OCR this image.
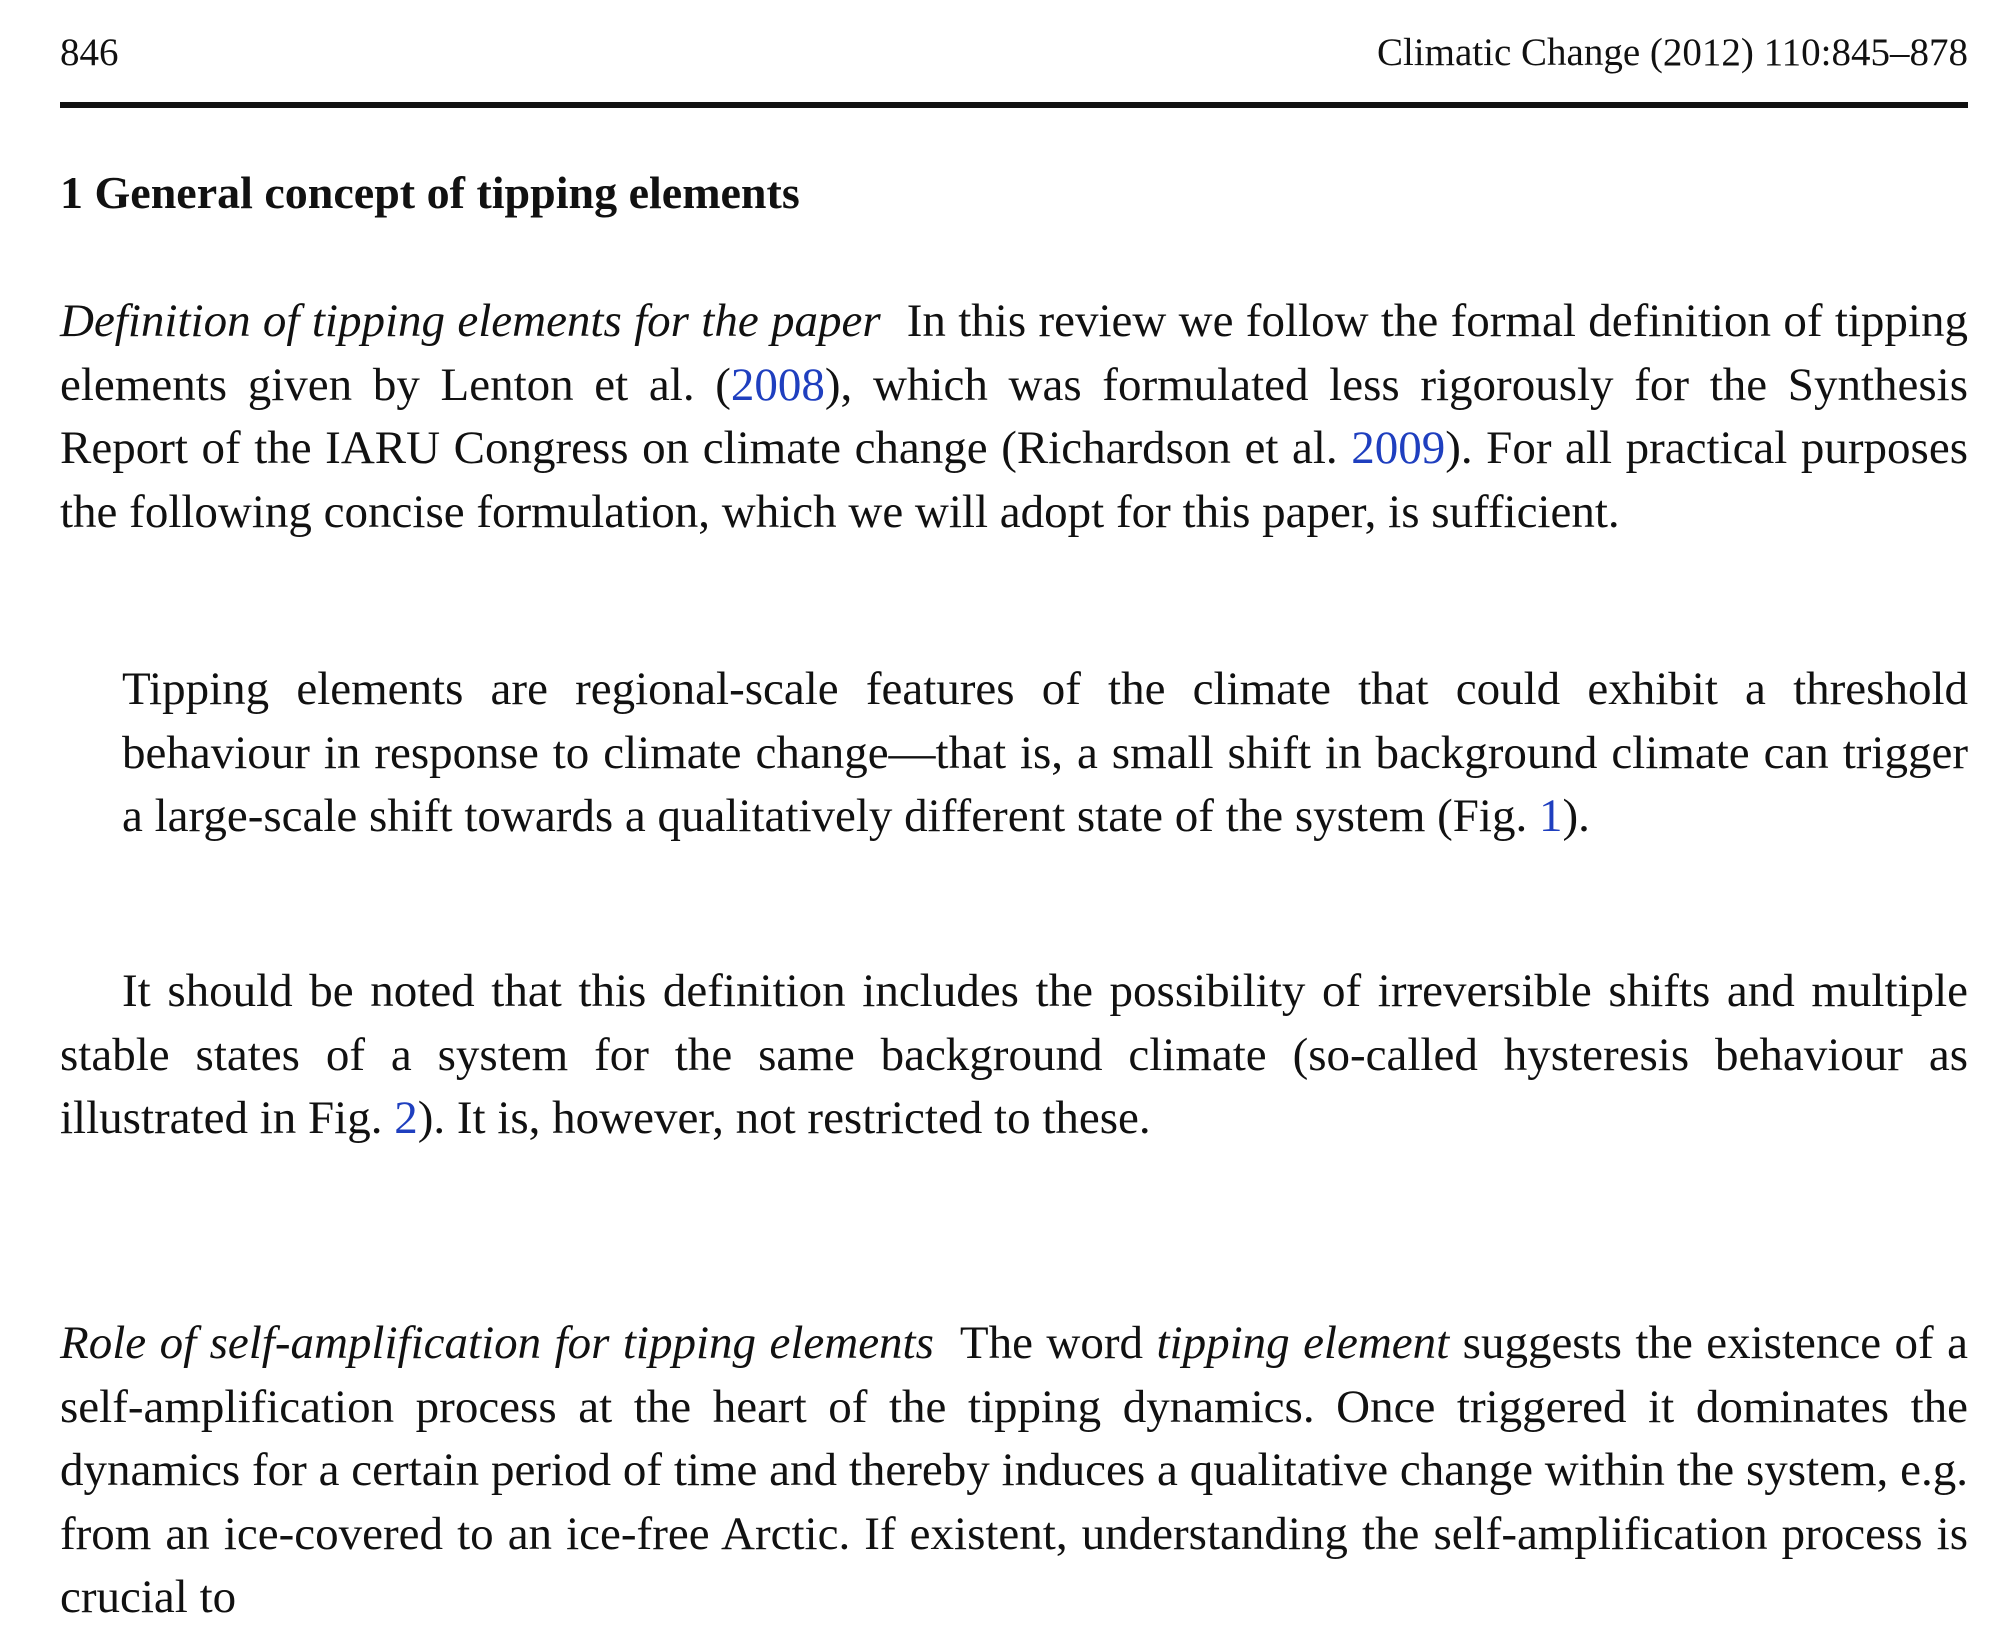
846	Climatic Change (2012) 110:845–878
1 General concept of tipping elements

Definition of tipping elements for the paper In this review we follow the formal definition of tipping elements given by Lenton et al. (2008), which was formulated less rigorously for the Synthesis Report of the IARU Congress on climate change (Richardson et al. 2009). For all practical purposes the following concise formulation, which we will adopt for this paper, is sufficient.

Tipping elements are regional-scale features of the climate that could exhibit a threshold behaviour in response to climate change—that is, a small shift in background climate can trigger a large-scale shift towards a qualitatively different state of the system (Fig. 1).

It should be noted that this definition includes the possibility of irreversible shifts and multiple stable states of a system for the same background climate (so-called hysteresis behaviour as illustrated in Fig. 2). It is, however, not restricted to these.

Role of self-amplification for tipping elements The word tipping element suggests the existence of a self-amplification process at the heart of the tipping dynamics. Once triggered it dominates the dynamics for a certain period of time and thereby induces a qualitative change within the system, e.g. from an ice-covered to an ice-free Arctic. If existent, understanding the self-amplification process is crucial to
